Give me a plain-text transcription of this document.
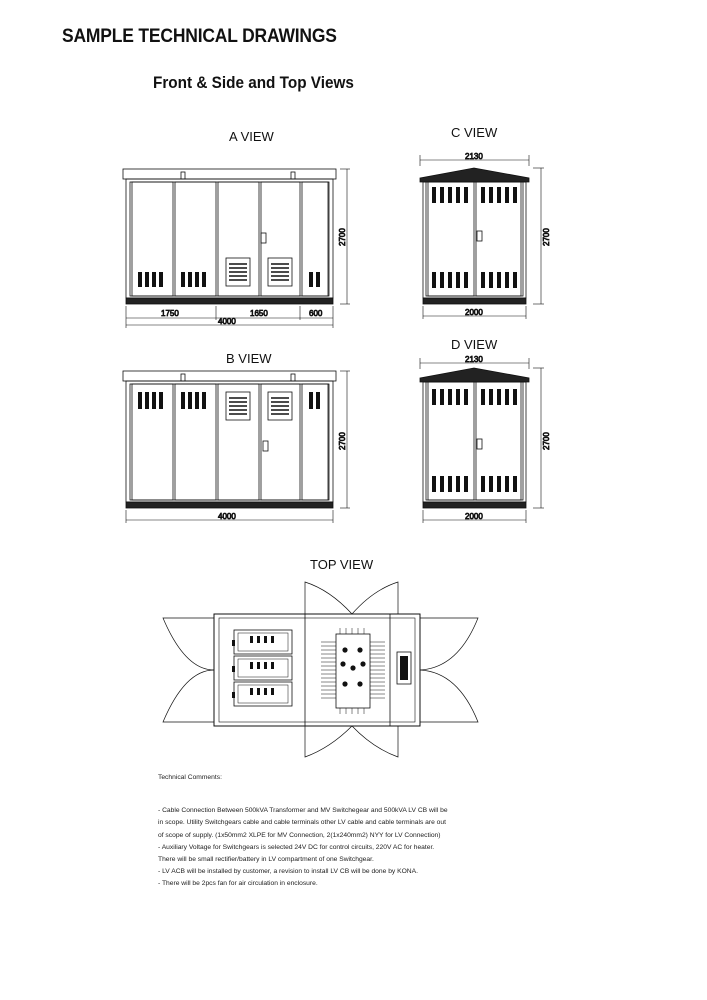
SAMPLE TECHNICAL DRAWINGS
Front & Side and Top Views
A VIEW	C VIEW
B VIEW
D VIEW
TOP VIEW
1750	1650	600
4000
2700
4000
2700
2130
2000
2700
2130
2000
2700

Technical Comments:

- Cable Connection Between 500kVA Transformer and MV Switchegear and 500kVA LV CB will be

in scope. Utility Switchgears cable and cable terminals other LV cable and cable terminals are out

of scope of supply. (1x50mm2 XLPE for MV Connection, 2(1x240mm2) NYY for LV Connection)

- Auxiliary Voltage for Switchgears is selected 24V DC for control circuits, 220V AC for heater.

There will be small rectifier/battery in LV compartment of one Switchgear.

- LV ACB will be installed by customer, a revision to install LV CB will be done by KONA.

- There will be 2pcs fan for air circulation in enclosure.
